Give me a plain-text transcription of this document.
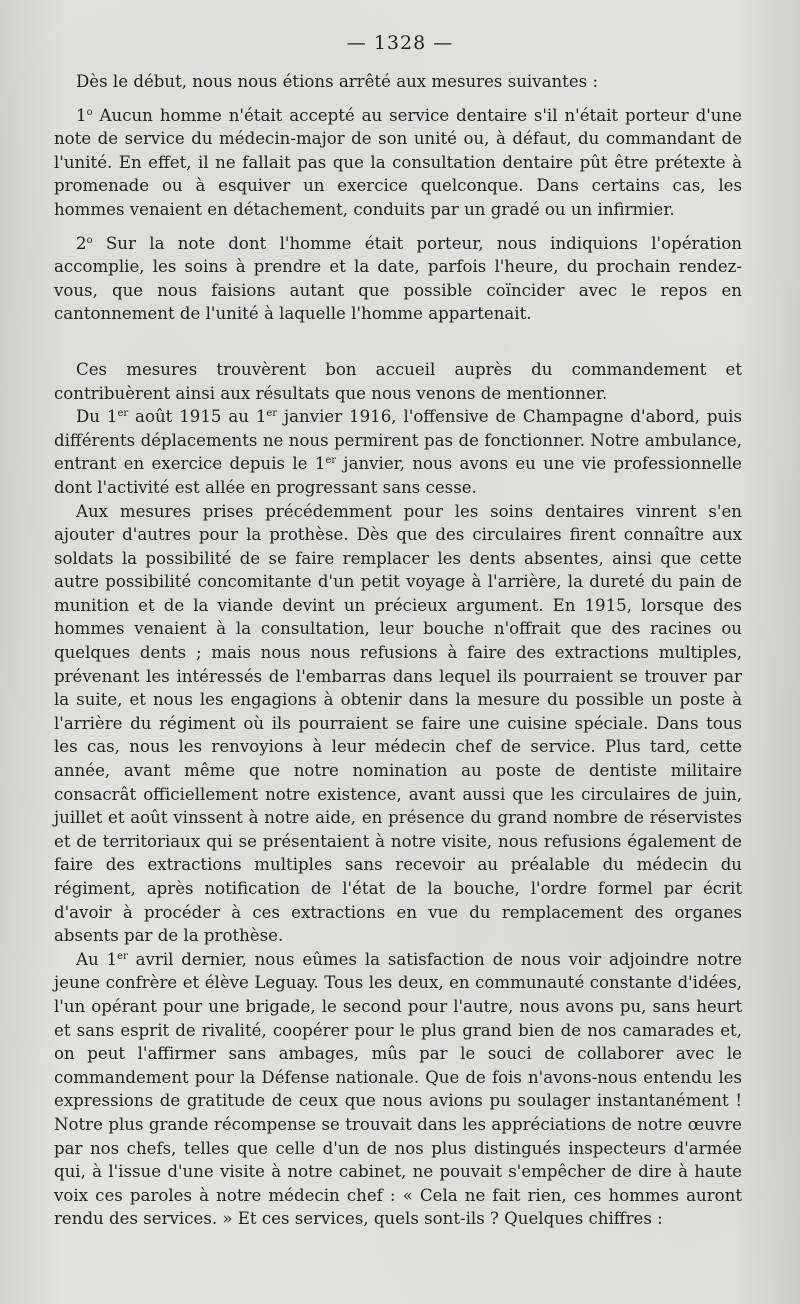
— 1328 —

Dès le début, nous nous étions arrêté aux mesures suivantes :

1$^o$ Aucun homme n'était accepté au service dentaire s'il n'était porteur d'une note de service du médecin-major de son unité ou, à défaut, du commandant de l'unité. En effet, il ne fallait pas que la consultation dentaire pût être prétexte à promenade ou à esquiver un exercice quelconque. Dans certains cas, les hommes venaient en détachement, conduits par un gradé ou un infirmier.

2$^o$ Sur la note dont l'homme était porteur, nous indiquions l'opération accomplie, les soins à prendre et la date, parfois l'heure, du prochain rendez-vous, que nous faisions autant que possible coïncider avec le repos en cantonnement de l'unité à laquelle l'homme appartenait.

Ces mesures trouvèrent bon accueil auprès du commandement et contribuèrent ainsi aux résultats que nous venons de mentionner.

Du 1er août 1915 au 1er janvier 1916, l'offensive de Champagne d'abord, puis différents déplacements ne nous permirent pas de fonctionner. Notre ambulance, entrant en exercice depuis le 1er janvier, nous avons eu une vie professionnelle dont l'activité est allée en progressant sans cesse.

Aux mesures prises précédemment pour les soins dentaires vinrent s'en ajouter d'autres pour la prothèse. Dès que des circulaires firent connaître aux soldats la possibilité de se faire remplacer les dents absentes, ainsi que cette autre possibilité concomitante d'un petit voyage à l'arrière, la dureté du pain de munition et de la viande devint un précieux argument. En 1915, lorsque des hommes venaient à la consultation, leur bouche n'offrait que des racines ou quelques dents ; mais nous nous refusions à faire des extractions multiples, prévenant les intéressés de l'embarras dans lequel ils pourraient se trouver par la suite, et nous les engagions à obtenir dans la mesure du possible un poste à l'arrière du régiment où ils pourraient se faire une cuisine spéciale. Dans tous les cas, nous les renvoyions à leur médecin chef de service. Plus tard, cette année, avant même que notre nomination au poste de dentiste militaire consacrât officiellement notre existence, avant aussi que les circulaires de juin, juillet et août vinssent à notre aide, en présence du grand nombre de réservistes et de territoriaux qui se présentaient à notre visite, nous refusions également de faire des extractions multiples sans recevoir au préalable du médecin du régiment, après notification de l'état de la bouche, l'ordre formel par écrit d'avoir à procéder à ces extractions en vue du remplacement des organes absents par de la prothèse.

Au 1er avril dernier, nous eûmes la satisfaction de nous voir adjoindre notre jeune confrère et élève Leguay. Tous les deux, en communauté constante d'idées, l'un opérant pour une brigade, le second pour l'autre, nous avons pu, sans heurt et sans esprit de rivalité, coopérer pour le plus grand bien de nos camarades et, on peut l'affirmer sans ambages, mûs par le souci de collaborer avec le commandement pour la Défense nationale. Que de fois n'avons-nous entendu les expressions de gratitude de ceux que nous avions pu soulager instantanément ! Notre plus grande récompense se trouvait dans les appréciations de notre œuvre par nos chefs, telles que celle d'un de nos plus distingués inspecteurs d'armée qui, à l'issue d'une visite à notre cabinet, ne pouvait s'empêcher de dire à haute voix ces paroles à notre médecin chef : « Cela ne fait rien, ces hommes auront rendu des services. » Et ces services, quels sont-ils ? Quelques chiffres :
